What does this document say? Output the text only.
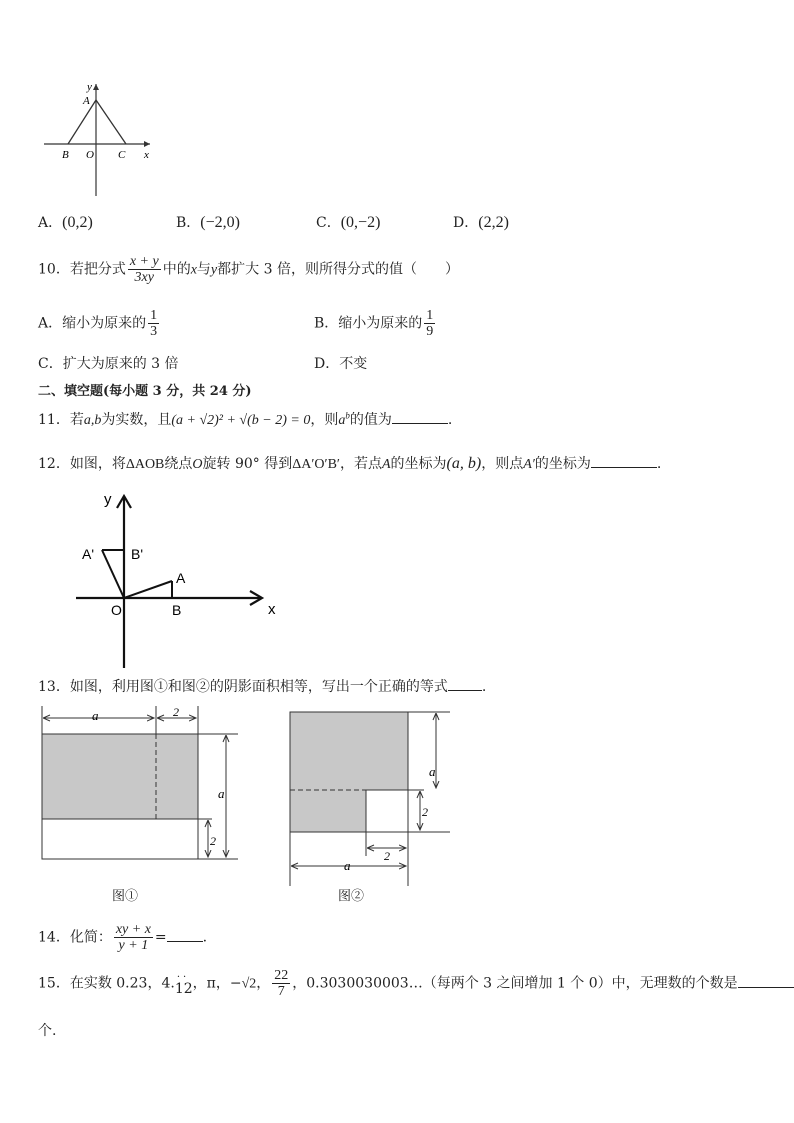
y
A
B O C x
A．(0,2)	B．(−2,0)	C．(0,−2)	D．(2,2)
10．若把分式 $\frac{x + y}{3xy}$ 中的x与y都扩大 3 倍，则所得分式的值（　　）
A．缩小为原来的 $\frac{1}{3}$	B．缩小为原来的 $\frac{1}{9}$
C．扩大为原来的 3 倍	D．不变
二、填空题(每小题 3 分，共 24 分)
11．若a,b为实数，且(a + √2)² + √(b − 2) = 0，则$a^b$的值为	.
12．如图，将ΔAOB绕点O旋转 90° 得到ΔA′O′B′，若点A的坐标为(a, b)，则点A′的坐标为	.
y
x
A'	B'
A
O	B
13．如图，利用图①和图②的阴影面积相等，写出一个正确的等式 .
a	2
a
2
图①
a
2
2
a
图②
14．化简： $\frac{xy + x}{y + 1}$ =	.
15．在实数 0.23，4.12
·· ，π，−√2， $\frac{22}{7}$ ，0.3030030003…（每两个 3 之间增加 1 个 0）中，无理数的个数是
个.
